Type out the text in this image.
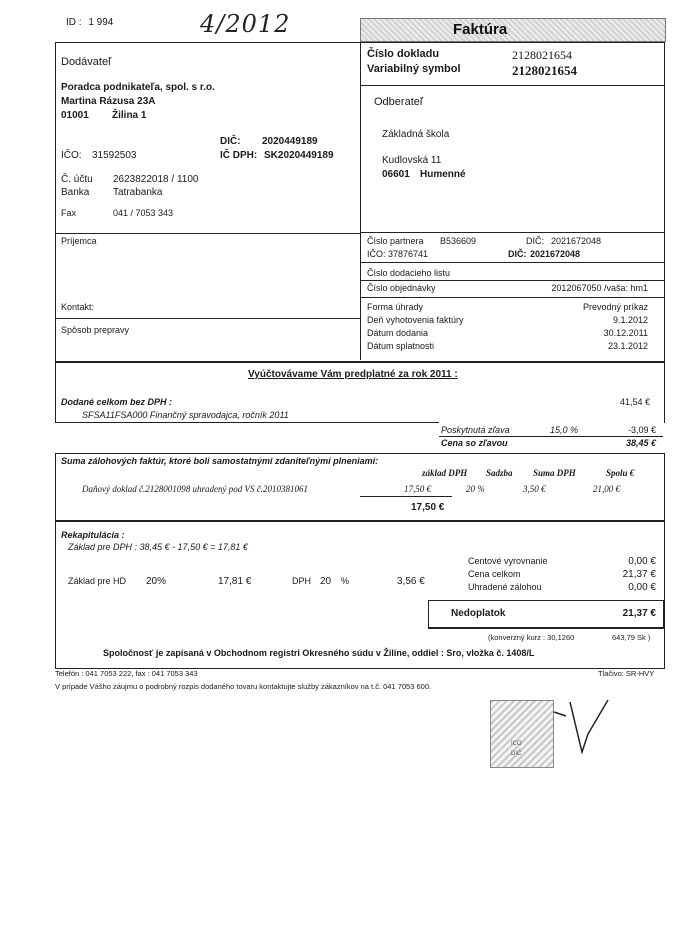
ID : 1 994	4/2012	Faktúra
Dodávateľ
Poradca podnikateľa, spol. s r.o.
Martina Rázusa 23A
01001 Žilina 1
DIČ: 2020449189
IČO: 31592503	IČ DPH: SK2020449189
Č. účtu 2623822018 / 1100
Banka Tatrabanka
Fax	041 / 7053 343
Číslo dokladu	2128021654
Variabilný symbol	2128021654
Odberateľ
Základná škola
Kudlovská 11
06601 Humenné
Číslo partnera B536609	DIČ: 2021672048
IČO: 37876741	DIČ: 2021672048
Číslo dodacieho listu
Číslo objednávky	2012067050 /vaša: hm1
Príjemca
Kontakt:
Spôsob prepravy
Forma úhrady	Prevodný príkaz
Deň vyhotovenia faktúry	9.1.2012
Dátum dodania	30.12.2011
Dátum splatnosti	23.1.2012
Vyúčtovávame Vám predplatné za rok 2011 :
Dodané celkom bez DPH :	41,54 €
SFSA11FSA000 Finančný spravodajca, ročník 2011
Poskytnutá zľava	15,0 %	-3,09 €
Cena so zľavou	38,45 €
Suma zálohových faktúr, ktoré boli samostatnými zdaniteľnými plneniami:
základ DPH Sadzba Suma DPH	Spolu €
Daňový doklad č.2128001098 uhradený pod VS č.2010381061	17,50 €	20 %	3,50 €	21,00 €
17,50 €
Rekapitulácia :
Základ pre DPH : 38,45 € - 17,50 € = 17,81 €
Základ pre HD 20%	17,81 €	DPH 20 %	3,56 €
Centové vyrovnanie	0,00 €
Cena celkom	21,37 €
Uhradené zálohou	0,00 €
Nedoplatok	21,37 €
(konverzný kurz : 30,1260	643,79 Sk )
Spoločnosť je zapísaná v Obchodnom registri Okresného súdu v Žiline, oddiel : Sro, vložka č. 1408/L
Telefón : 041 7053 222, fax : 041 7053 343	Tlačivo: SR-HVY
V prípade Vášho záujmu o podrobný rozpis dodaného tovaru kontaktujte služby zákazníkov na t.č. 041 7053 600.
ICO
DIČ
